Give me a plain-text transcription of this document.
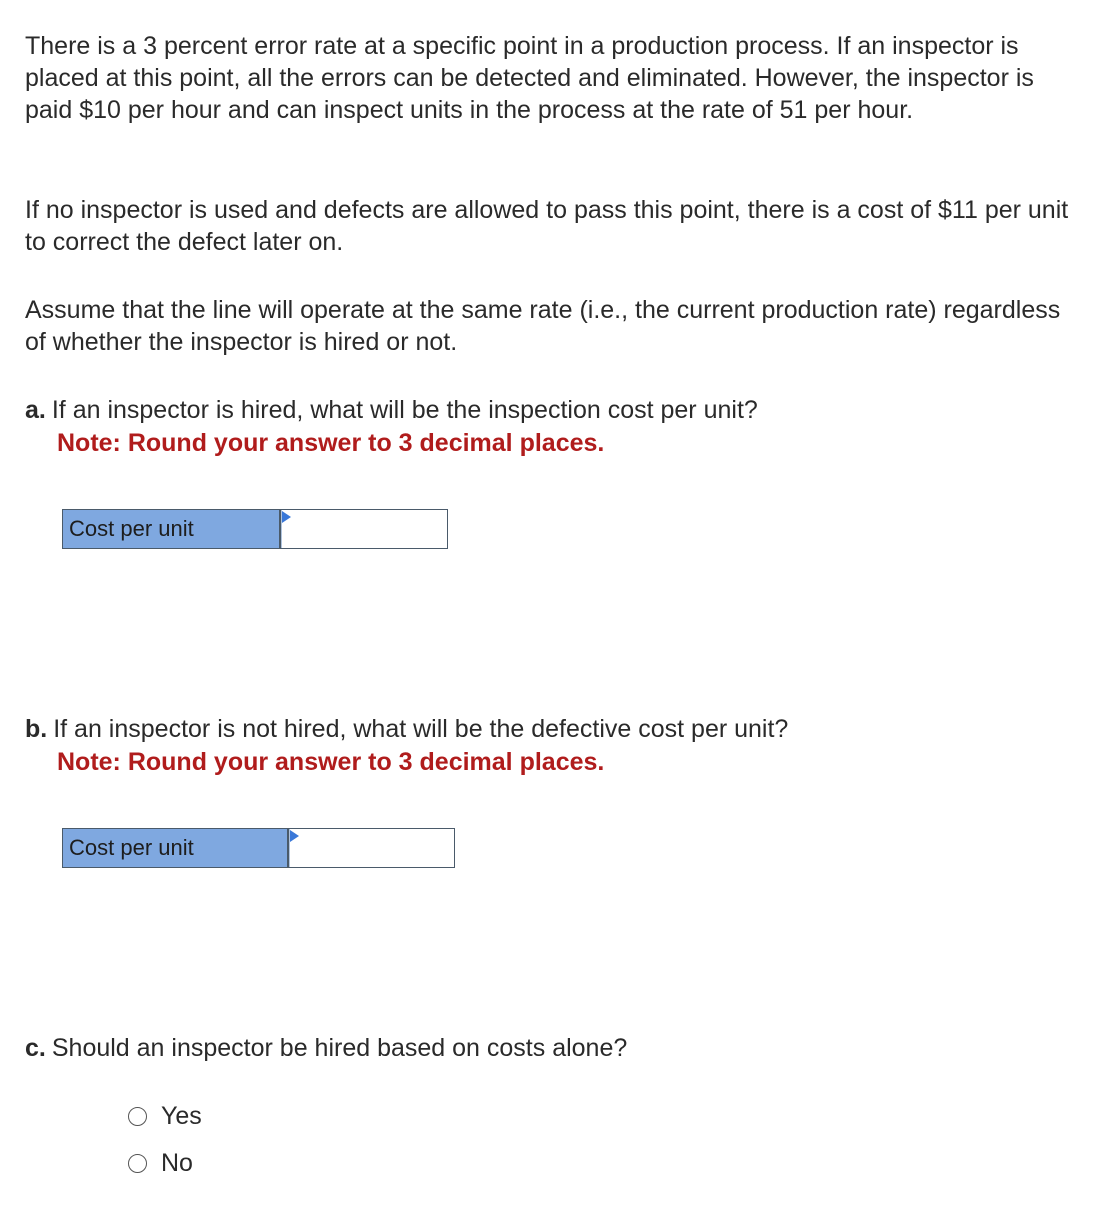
There is a 3 percent error rate at a specific point in a production process. If an inspector is placed at this point, all the errors can be detected and eliminated. However, the inspector is paid $10 per hour and can inspect units in the process at the rate of 51 per hour.

If no inspector is used and defects are allowed to pass this point, there is a cost of $11 per unit to correct the defect later on.

Assume that the line will operate at the same rate (i.e., the current production rate) regardless of whether the inspector is hired or not.

a. If an inspector is hired, what will be the inspection cost per unit?
Note: Round your answer to 3 decimal places.
Cost per unit
b. If an inspector is not hired, what will be the defective cost per unit?
Note: Round your answer to 3 decimal places.
Cost per unit
c. Should an inspector be hired based on costs alone?
Yes
No
